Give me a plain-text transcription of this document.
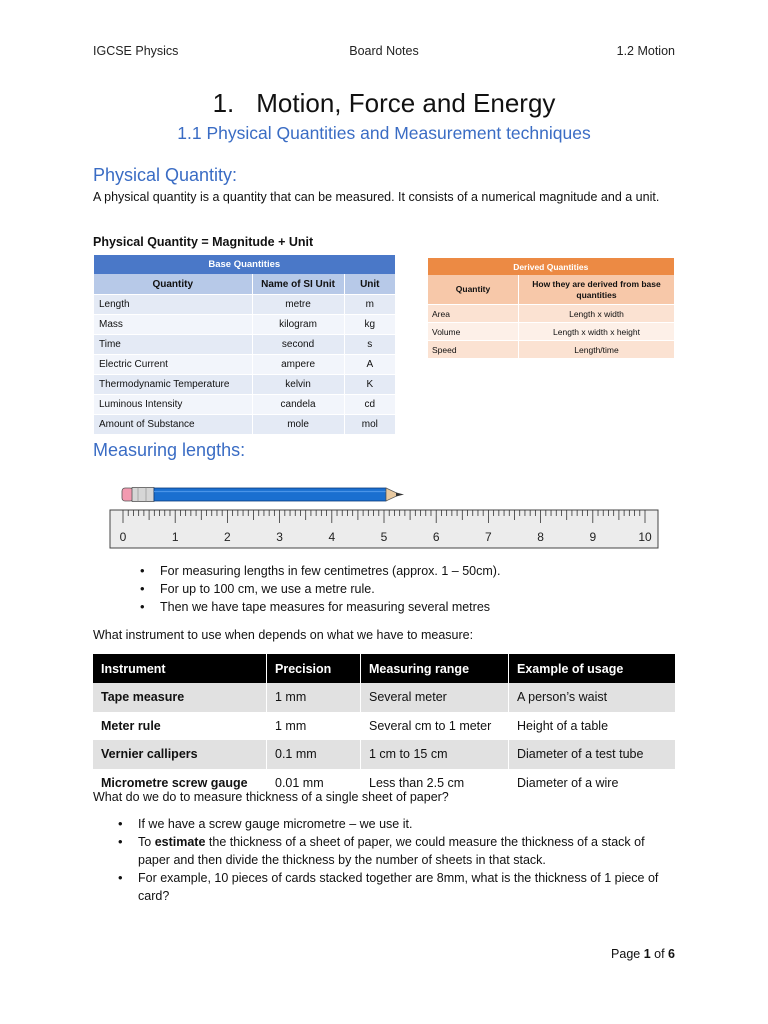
IGCSE Physics	Board Notes	1.2 Motion
1. Motion, Force and Energy
1.1 Physical Quantities and Measurement techniques
Physical Quantity:
A physical quantity is a quantity that can be measured. It consists of a numerical magnitude and a unit.
Physical Quantity = Magnitude + Unit
Base Quantities		
Quantity	Name of SI Unit	Unit
Length	metre	m
Mass	kilogram	kg
Time	second	s
Electric Current	ampere	A
Thermodynamic Temperature	kelvin	K
Luminous Intensity	candela	cd
Amount of Substance	mole	mol
Derived Quantities	
Quantity	How they are derived from base quantities
Area	Length x width
Volume	Length x width x height
Speed	Length/time
Measuring lengths:
0	1	2	3	4	5	6	7	8	9	10
• For measuring lengths in few centimetres (approx. 1 – 50cm).
• For up to 100 cm, we use a metre rule.
• Then we have tape measures for measuring several metres
What instrument to use when depends on what we have to measure:
Instrument	Precision	Measuring range	Example of usage
Tape measure	1 mm	Several meter	A person’s waist
Meter rule	1 mm	Several cm to 1 meter	Height of a table
Vernier callipers	0.1 mm	1 cm to 15 cm	Diameter of a test tube
Micrometre screw gauge	0.01 mm	Less than 2.5 cm	Diameter of a wire
What do we do to measure thickness of a single sheet of paper?
• If we have a screw gauge micrometre – we use it.
• To estimate the thickness of a sheet of paper, we could measure the thickness of a stack of paper and then divide the thickness by the number of sheets in that stack.
• For example, 10 pieces of cards stacked together are 8mm, what is the thickness of 1 piece of card?
Page 1 of 6
